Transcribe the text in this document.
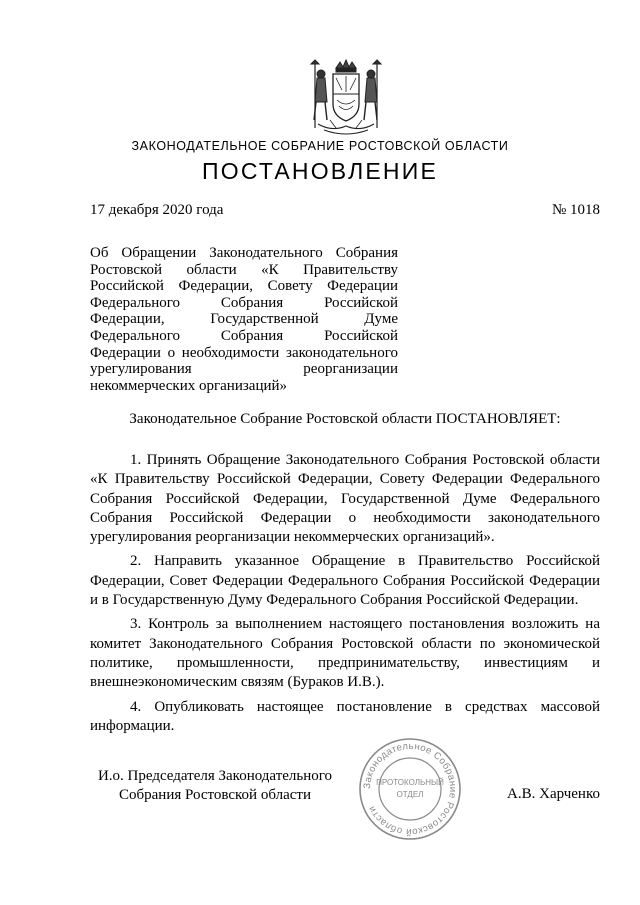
ЗАКОНОДАТЕЛЬНОЕ СОБРАНИЕ РОСТОВСКОЙ ОБЛАСТИ
ПОСТАНОВЛЕНИЕ
17 декабря 2020 года	№ 1018
Об Обращении Законодательного Собрания Ростовской области «К Правительству Российской Федерации, Совету Федерации Федерального Собрания Российской Федерации, Государственной Думе Федерального Собрания Российской Федерации о необходимости законодательного урегулирования реорганизации некоммерческих организаций»
Законодательное Собрание Ростовской области ПОСТАНОВЛЯЕТ:

1. Принять Обращение Законодательного Собрания Ростовской области «К Правительству Российской Федерации, Совету Федерации Федерального Собрания Российской Федерации, Государственной Думе Федерального Собрания Российской Федерации о необходимости законодательного урегулирования реорганизации некоммерческих организаций».

2. Направить указанное Обращение в Правительство Российской Федерации, Совет Федерации Федерального Собрания Российской Федерации и в Государственную Думу Федерального Собрания Российской Федерации.

3. Контроль за выполнением настоящего постановления возложить на комитет Законодательного Собрания Ростовской области по экономической политике, промышленности, предпринимательству, инвестициям и внешнеэкономическим связям (Бураков И.В.).

4. Опубликовать настоящее постановление в средствах массовой информации.

И.о. Председателя Законодательного
Собрания Ростовской области
Законодательное Собрание Ростовской области
ПРОТОКОЛЬНЫЙ
ОТДЕЛ	А.В. Харченко
